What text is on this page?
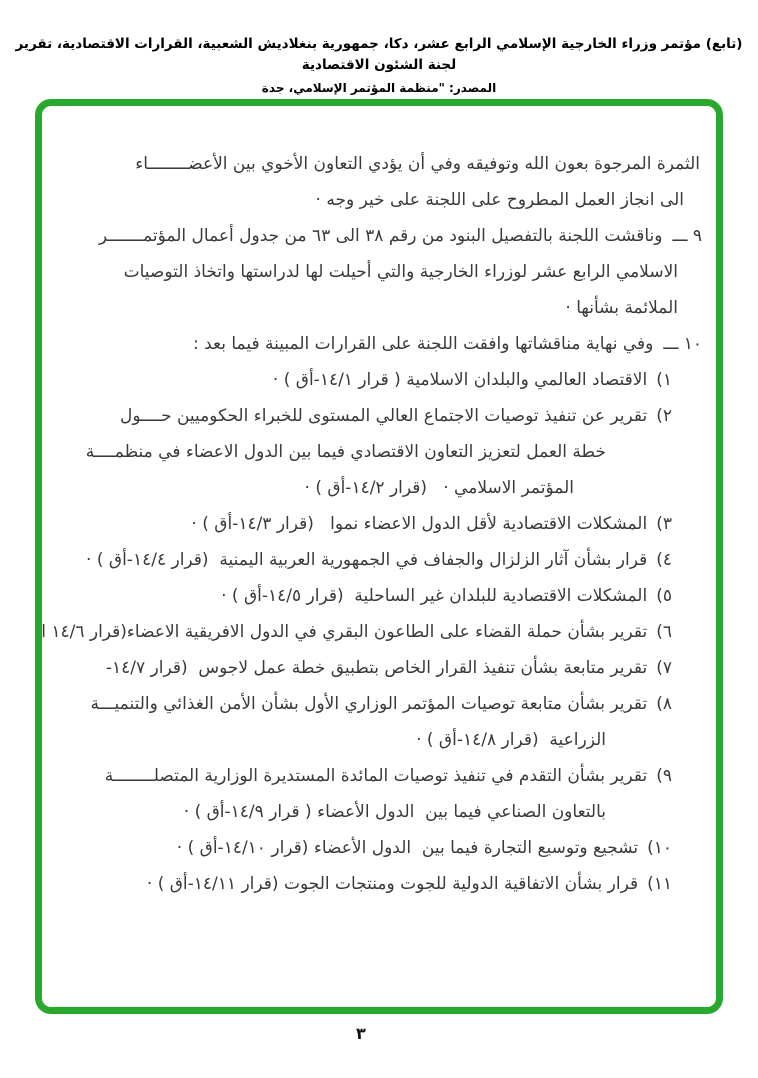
(تابع) مؤتمر وزراء الخارجية الإسلامي الرابع عشر، دكا، جمهورية بنغلاديش الشعبية، القرارات الاقتصادية، تقرير لجنة الشئون الاقتصادية
المصدر: "منظمة المؤتمر الإسلامي، جدة
الثمرة المرجوة بعون الله وتوفيقه وفي أن يؤدي التعاون الأخوي بين الأعضــــــــاء
الى انجاز العمل المطروح على اللجنة على خير وجه ·
٩ ـــوناقشت اللجنة بالتفصيل البنود من رقم ٣٨ الى ٦٣ من جدول أعمال المؤتمـــــــر
الاسلامي الرابع عشر لوزراء الخارجية والتي أحيلت لها لدراستها واتخاذ التوصيات
الملائمة بشأنها ·
١٠ ـــوفي نهاية مناقشاتها وافقت اللجنة على القرارات المبينة فيما بعد :
١)الاقتصاد العالمي والبلدان الاسلامية ( قرار ١٤/١-أق ) ·
٢)تقرير عن تنفيذ توصيات الاجتماع العالي المستوى للخبراء الحكوميين حــــول
خطة العمل لتعزيز التعاون الاقتصادي فيما بين الدول الاعضاء في منظمــــة
المؤتمر الاسلامي ·   (قرار ١٤/٢-أق ) ·
٣)المشكلات الاقتصادية لأقل الدول الاعضاء نموا   (قرار ١٤/٣-أق ) ·
٤)قرار بشأن آثار الزلزال والجفاف في الجمهورية العربية اليمنية  (قرار ١٤/٤-أق ) ·
٥)المشكلات الاقتصادية للبلدان غير الساحلية  (قرار ١٤/٥-أق ) ·
٦)تقرير بشأن حملة القضاء على الطاعون البقري في الدول الافريقية الاعضاء(قرار ١٤/٦ ا
٧)تقرير متابعة بشأن تنفيذ القرار الخاص بتطبيق خطة عمل لاجوس  (قرار ١٤/٧-
٨)تقرير بشأن متابعة توصيات المؤتمر الوزاري الأول بشأن الأمن الغذائي والتنميـــة
الزراعية  (قرار ١٤/٨-أق ) ·
٩)تقرير بشأن التقدم في تنفيذ توصيات المائدة المستديرة الوزارية المتصلــــــــة
بالتعاون الصناعي فيما بين  الدول الأعضاء ( قرار ١٤/٩-أق ) ·
١٠)تشجيع وتوسيع التجارة فيما بين  الدول الأعضاء (قرار ١٤/١٠-أق ) ·
١١)قرار بشأن الاتفاقية الدولية للجوت ومنتجات الجوت (قرار ١٤/١١-أق ) ·
٣
